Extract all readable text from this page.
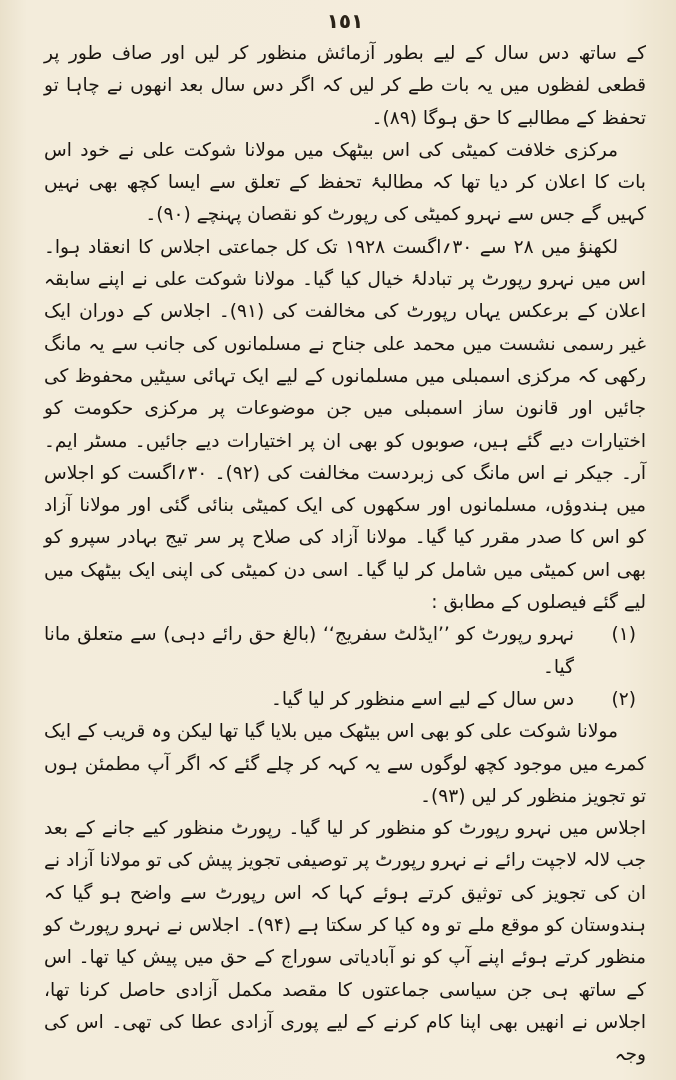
١٥١

کے ساتھ دس سال کے لیے بطور آزمائش منظور کر لیں اور صاف طور پر قطعی لفظوں میں یہ بات طے کر لیں کہ اگر دس سال بعد انھوں نے چاہا تو تحفظ کے مطالبے کا حق ہوگا (۸۹)۔

مرکزی خلافت کمیٹی کی اس بیٹھک میں مولانا شوکت علی نے خود اس بات کا اعلان کر دیا تھا کہ مطالبۂ تحفظ کے تعلق سے ایسا کچھ بھی نہیں کہیں گے جس سے نہرو کمیٹی کی رپورٹ کو نقصان پہنچے (۹۰)۔

لکھنؤ میں ۲۸ سے ۳۰؍اگست ۱۹۲۸ تک کل جماعتی اجلاس کا انعقاد ہوا۔ اس میں نہرو رپورٹ پر تبادلۂ خیال کیا گیا۔ مولانا شوکت علی نے اپنے سابقہ اعلان کے برعکس یہاں رپورٹ کی مخالفت کی (۹۱)۔ اجلاس کے دوران ایک غیر رسمی نشست میں محمد علی جناح نے مسلمانوں کی جانب سے یہ مانگ رکھی کہ مرکزی اسمبلی میں مسلمانوں کے لیے ایک تہائی سیٹیں محفوظ کی جائیں اور قانون ساز اسمبلی میں جن موضوعات پر مرکزی حکومت کو اختیارات دیے گئے ہیں، صوبوں کو بھی ان پر اختیارات دیے جائیں۔ مسٹر ایم۔ آر۔ جیکر نے اس مانگ کی زبردست مخالفت کی (۹۲)۔ ۳۰؍اگست کو اجلاس میں ہندوؤں، مسلمانوں اور سکھوں کی ایک کمیٹی بنائی گئی اور مولانا آزاد کو اس کا صدر مقرر کیا گیا۔ مولانا آزاد کی صلاح پر سر تیج بہادر سپرو کو بھی اس کمیٹی میں شامل کر لیا گیا۔ اسی دن کمیٹی کی اپنی ایک بیٹھک میں لیے گئے فیصلوں کے مطابق :

(۱)
نہرو رپورٹ کو ’’ایڈلٹ سفریج‘‘ (بالغ حق رائے دہی) سے متعلق مانا گیا۔
(۲)
دس سال کے لیے اسے منظور کر لیا گیا۔

مولانا شوکت علی کو بھی اس بیٹھک میں بلایا گیا تھا لیکن وہ قریب کے ایک کمرے میں موجود کچھ لوگوں سے یہ کہہ کر چلے گئے کہ اگر آپ مطمئن ہوں تو تجویز منظور کر لیں (۹۳)۔

اجلاس میں نہرو رپورٹ کو منظور کر لیا گیا۔ رپورٹ منظور کیے جانے کے بعد جب لالہ لاجپت رائے نے نہرو رپورٹ پر توصیفی تجویز پیش کی تو مولانا آزاد نے ان کی تجویز کی توثیق کرتے ہوئے کہا کہ اس رپورٹ سے واضح ہو گیا کہ ہندوستان کو موقع ملے تو وہ کیا کر سکتا ہے (۹۴)۔ اجلاس نے نہرو رپورٹ کو منظور کرتے ہوئے اپنے آپ کو نو آبادیاتی سوراج کے حق میں پیش کیا تھا۔ اس کے ساتھ ہی جن سیاسی جماعتوں کا مقصد مکمل آزادی حاصل کرنا تھا، اجلاس نے انھیں بھی اپنا کام کرنے کے لیے پوری آزادی عطا کی تھی۔ اس کی وجہ
